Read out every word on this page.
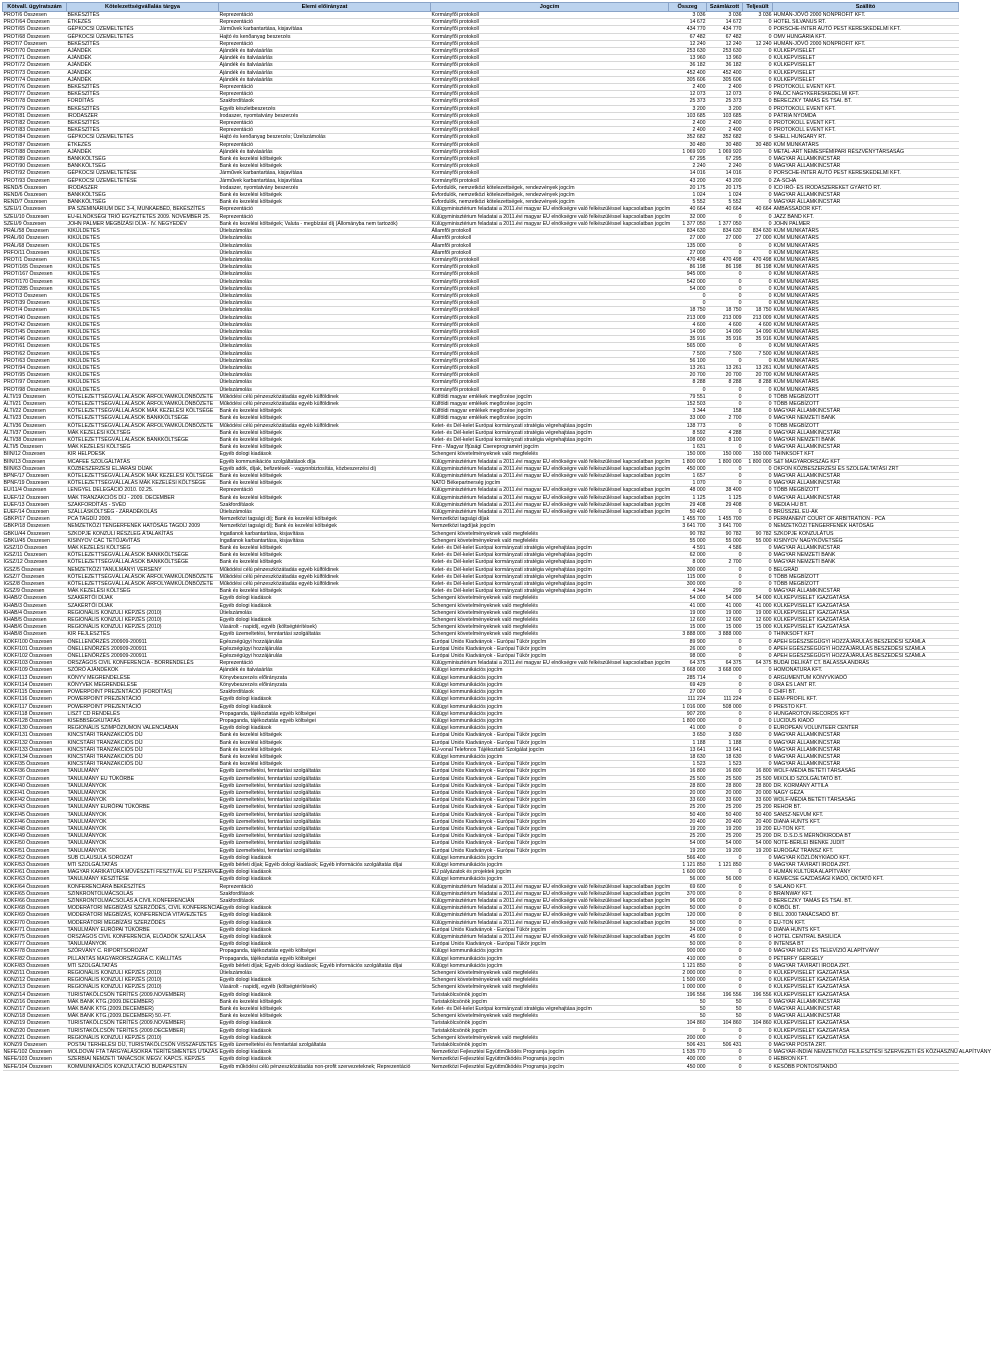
Kötvall. ügyiratszám	Kötelezettségvállalás tárgya	Elemi előirányzat	Jogcím	Összeg	Számlázott	Teljesült	Szállító
PROT/6 Összesen	BEKÉSZÍTÉS	Reprezentáció	Kormányfői protokoll	3 036	3 036	3 036	HUMÁN-JÖVŐ 2000 NONPROFIT KFT.
PROT/64 Összesen	ÉTKEZÉS	Reprezentáció	Kormányfői protokoll	14 672	14 672	0	HOTEL SILVANUS RT.
PROT/65 Összesen	GÉPKOCSI ÜZEMELTETÉS	Járművek karbantartása, kisjavítása	Kormányfői protokoll	434 770	434 770	0	PORSCHE-INTER AUTÓ PEST KERESKEDELMI KFT.
PROT/68 Összesen	GÉPKOCSI ÜZEMELTETÉS	Hajtó és kenőanyag beszerzés	Kormányfői protokoll	67 482	67 482	0	OMV HUNGÁRIA KFT.
PROT/7 Összesen	BEKÉSZÍTÉS	Reprezentáció	Kormányfői protokoll	12 240	12 240	12 240	HUMÁN-JÖVŐ 2000 NONPROFIT KFT.
PROT/70 Összesen	AJÁNDÉK	Ajándék és italvásárlás	Kormányfői protokoll	253 630	253 630	0	KÜLKÉPVISELET
PROT/71 Összesen	AJÁNDÉK	Ajándék és italvásárlás	Kormányfői protokoll	13 960	13 960	0	KÜLKÉPVISELET
PROT/72 Összesen	AJÁNDÉK	Ajándék és italvásárlás	Kormányfői protokoll	36 182	36 182	0	KÜLKÉPVISELET
PROT/73 Összesen	AJÁNDÉK	Ajándék és italvásárlás	Kormányfői protokoll	452 400	452 400	0	KÜLKÉPVISELET
PROT/74 Összesen	AJÁNDÉK	Ajándék és italvásárlás	Kormányfői protokoll	305 606	305 606	0	KÜLKÉPVISELET
PROT/76 Összesen	BEKÉSZÍTÉS	Reprezentáció	Kormányfői protokoll	2 400	2 400	0	PROTOKOLL EVENT KFT.
PROT/77 Összesen	BEKÉSZÍTÉS	Reprezentáció	Kormányfői protokoll	12 073	12 073	0	PALÓC NAGYKERESKEDELMI KFT.
PROT/78 Összesen	FORDÍTÁS	Szakfordítások	Kormányfői protokoll	25 373	25 373	0	BERECZKY TAMÁS ÉS TSAI. BT.
PROT/79 Összesen	BEKÉSZÍTÉS	Egyéb készletbeszerzés	Kormányfői protokoll	3 200	3 200	0	PROTOKOLL EVENT KFT.
PROT/81 Összesen	IRODASZER	Irodaszer, nyomtatvány beszerzés	Kormányfői protokoll	103 685	103 685	0	PÁTRIA NYOMDA
PROT/82 Összesen	BEKÉSZÍTÉS	Reprezentáció	Kormányfői protokoll	2 400	2 400	0	PROTOKOLL EVENT KFT.
PROT/83 Összesen	BEKÉSZÍTÉS	Reprezentáció	Kormányfői protokoll	2 400	2 400	0	PROTOKOLL EVENT KFT.
PROT/84 Összesen	GÉPKOCSI ÜZEMELTETÉS	Hajtó és kenőanyag beszerzés; Üzelszámolás	Kormányfői protokoll	352 682	352 682	0	SHELL HUNGARY RT.
PROT/87 Összesen	ÉTKEZÉS	Reprezentáció	Kormányfői protokoll	30 480	30 480	30 480	KÜM MUNKATÁRS
PROT/88 Összesen	AJÁNDÉK	Ajándék és italvásárlás	Kormányfői protokoll	1 069 920	1 069 920	0	METAL-ART NEMESFÉMIPARI RÉSZVÉNYTÁRSASÁG
PROT/89 Összesen	BANKKÖLTSÉG	Bank és kezelési költségek	Kormányfői protokoll	67 295	67 295	0	MAGYAR ÁLLAMKINCSTÁR
PROT/90 Összesen	BANKKÖLTSÉG	Bank és kezelési költségek	Kormányfői protokoll	2 240	2 240	0	MAGYAR ÁLLAMKINCSTÁR
PROT/92 Összesen	GÉPKOCSI ÜZEMELTETÉSE	Járművek karbantartása, kisjavítása	Kormányfői protokoll	14 016	14 016	0	PORSCHE-INTER AUTÓ PEST KERESKEDELMI KFT.
PROT/93 Összesen	GÉPKOCSI ÜZEMELTETÉSE	Járművek karbantartása, kisjavítása	Kormányfői protokoll	43 200	43 200	0	ZA-SCHA
REND/5 Összesen	IRODASZER	Irodaszer, nyomtatvány beszerzés	Évfordulók, nemzetközi kötelezettségek, rendezvények jogcím	20 175	20 175	0	ICO IRÓ- ÉS IRODASZEREKET GYÁRTÓ RT.
REND/6 Összesen	BANKKÖLTSÉG	Bank és kezelési költségek	Évfordulók, nemzetközi kötelezettségek, rendezvények jogcím	1 024	1 024	0	MAGYAR ÁLLAMKINCSTÁR
REND/7 Összesen	BANKKÖLTSÉG	Bank és kezelési költségek	Évfordulók, nemzetközi kötelezettségek, rendezvények jogcím	5 552	5 552	0	MAGYAR ÁLLAMKINCSTÁR
SZEU/1 Összesen	IPA SZEMINÁRIUM DEC 3-4, MUNKAEBÉD, BEKÉSZÍTÉS	Reprezentáció	Külügyminisztérium feladatai a 2011.évi magyar EU elnökségre való felkészüléssel kapcsolatban jogcím	40 664	40 664	40 664	AMBASSADOR KFT.
SZEU/10 Összesen	EU-ELNÖKSÉGI TRIÓ EGYEZTETÉS 2009. NOVEMBER 25.	Reprezentáció	Külügyminisztérium feladatai a 2011.évi magyar EU elnökségre való felkészüléssel kapcsolatban jogcím	32 000	0	0	JAZZ BAND KFT.
SZEU/9 Összesen	JOHN PALMER MEGBÍZÁSI DÍJA - IV. NEGYEDÉV	Bank és kezelési költségek; Valuta - megbízási díj (Állományba nem tartozók)	Külügyminisztérium feladatai a 2011.évi magyar EU elnökségre való felkészüléssel kapcsolatban jogcím	1 377 050	1 377 050	0	JOHN PALMER
PRÁL/58 Összesen	KIKÜLDETÉS	Útielszámolás	Államfői protokoll	834 630	834 630	834 630	KÜM MUNKATÁRS
PRÁL/60 Összesen	KIKÜLDETÉS	Útielszámolás	Államfői protokoll	27 000	27 000	27 000	KÜM MUNKATÁRS
PRÁL/68 Összesen	KIKÜLDETÉS	Útielszámolás	Államfői protokoll	135 000	0	0	KÜM MUNKATÁRS
PRFO/11 Összesen	KIKÜLDETÉS	Útielszámolás	Államfői protokoll	27 000	0	0	KÜM MUNKATÁRS
PROT/1 Összesen	KIKÜLDETÉS	Útielszámolás	Kormányfői protokoll	470 498	470 498	470 498	KÜM MUNKATÁRS
PROT/165 Összesen	KIKÜLDETÉS	Útielszámolás	Kormányfői protokoll	86 198	86 198	86 198	KÜM MUNKATÁRS
PROT/167 Összesen	KIKÜLDETÉS	Útielszámolás	Kormányfői protokoll	945 000	0	0	KÜM MUNKATÁRS
PROT/170 Összesen	KIKÜLDETÉS	Útielszámolás	Kormányfői protokoll	542 000	0	0	KÜM MUNKATÁRS
PROT/285 Összesen	KIKÜLDETÉS	Útielszámolás	Kormányfői protokoll	54 000	0	0	KÜM MUNKATÁRS
PROT/3 Összesen	KIKÜLDETÉS	Útielszámolás	Kormányfői protokoll	0	0	0	KÜM MUNKATÁRS
PROT/39 Összesen	KIKÜLDETÉS	Útielszámolás	Kormányfői protokoll	0	0	0	KÜM MUNKATÁRS
PROT/4 Összesen	KIKÜLDETÉS	Útielszámolás	Kormányfői protokoll	18 750	18 750	18 750	KÜM MUNKATÁRS
PROT/40 Összesen	KIKÜLDETÉS	Útielszámolás	Kormányfői protokoll	213 009	213 009	213 009	KÜM MUNKATÁRS
PROT/42 Összesen	KIKÜLDETÉS	Útielszámolás	Kormányfői protokoll	4 600	4 600	4 600	KÜM MUNKATÁRS
PROT/45 Összesen	KIKÜLDETÉS	Útielszámolás	Kormányfői protokoll	14 090	14 090	14 090	KÜM MUNKATÁRS
PROT/46 Összesen	KIKÜLDETÉS	Útielszámolás	Kormányfői protokoll	35 916	35 916	35 916	KÜM MUNKATÁRS
PROT/61 Összesen	KIKÜLDETÉS	Útielszámolás	Kormányfői protokoll	565 000	0	0	KÜM MUNKATÁRS
PROT/62 Összesen	KIKÜLDETÉS	Útielszámolás	Kormányfői protokoll	7 500	7 500	7 500	KÜM MUNKATÁRS
PROT/63 Összesen	KIKÜLDETÉS	Útielszámolás	Kormányfői protokoll	56 100	0	0	KÜM MUNKATÁRS
PROT/94 Összesen	KIKÜLDETÉS	Útielszámolás	Kormányfői protokoll	13 261	13 261	13 261	KÜM MUNKATÁRS
PROT/95 Összesen	KIKÜLDETÉS	Útielszámolás	Kormányfői protokoll	20 700	20 700	20 700	KÜM MUNKATÁRS
PROT/97 Összesen	KIKÜLDETÉS	Útielszámolás	Kormányfői protokoll	8 288	8 288	8 288	KÜM MUNKATÁRS
PROT/98 Összesen	KIKÜLDETÉS	Útielszámolás	Kormányfői protokoll	0	0	0	KÜM MUNKATÁRS
ÁLTI/19 Összesen	KÖTELEZETTSÉGVÁLLALÁSOK ÁRFOLYAMKÜLÖNBÖZETE	Működési célú pénzeszközátadás egyéb külföldinek	Külföldi magyar emlékek megőrzése jogcím	79 551	0	0	TÖBB MEGBÍZOTT
ÁLTI/21 Összesen	KÖTELEZETTSÉGVÁLLALÁSOK ÁRFOLYAMKÜLÖNBÖZETE	Működési célú pénzeszközátadás egyéb külföldinek	Külföldi magyar emlékek megőrzése jogcím	152 503	0	0	TÖBB MEGBÍZOTT
ÁLTI/22 Összesen	KÖTELEZETTSÉGVÁLLALÁSOK MÁK KEZELÉSI KÖLTSÉGE	Bank és kezelési költségek	Külföldi magyar emlékek megőrzése jogcím	3 344	158	0	MAGYAR ÁLLAMKINCSTÁR
ÁLTI/23 Összesen	KÖTELEZETTSÉGVÁLLALÁSOK BANKKÖLTSÉGE	Bank és kezelési költségek	Külföldi magyar emlékek megőrzése jogcím	33 000	2 700	0	MAGYAR NEMZETI BANK
ÁLTI/36 Összesen	KÖTELEZETTSÉGVÁLLALÁSOK ÁRFOLYAMKÜLÖNBÖZETE	Működési célú pénzeszközátadás egyéb külföldinek	Kelet- és Dél-kelet Európai kormányzati stratégia végrehajtása jogcím	138 773	0	0	TÖBB MEGBÍZOTT
ÁLTI/37 Összesen	MÁK KEZELÉSI KÖLTSÉG	Bank és kezelési költségek	Kelet- és Dél-kelet Európai kormányzati stratégia végrehajtása jogcím	8 592	4 288	0	MAGYAR ÁLLAMKINCSTÁR
ÁLTI/38 Összesen	KÖTELEZETTSÉGVÁLLALÁSOK BANKKÖLTSÉGE	Bank és kezelési költségek	Kelet- és Dél-kelet Európai kormányzati stratégia végrehajtása jogcím	108 000	8 100	0	MAGYAR NEMZETI BANK
ÁLTI/5 Összesen	MÁK KEZELÉSI KÖLTSÉG	Bank és kezelési költségek	Finn - Magyar Ifjúsági Csereprogramért jogcím	1 631	0	0	MAGYAR ÁLLAMKINCSTÁR
BIIN/12 Összesen	KIR HELPDESK	Egyéb dologi kiadások	Schengeni követelményeknek való megfelelés	150 000	150 000	150 000	THINKSOFT KFT
BIIN/13 Összesen	MCAFEE SZOLGÁLTATÁS	Egyéb kommunikációs szolgáltatások díja	Külügyminisztérium feladatai a 2011.évi magyar EU elnökségre való felkészüléssel kapcsolatban jogcím	1 800 000	1 800 000	1 800 000	S&T MAGYARORSZÁG KFT
BIIN/63 Összesen	KÖZBESZERZÉSI ELJÁRÁSI DÍJAK	Egyéb adók, díjak, befizetések - vagyonbiztosítás, közbeszerzési díj	Külügyminisztérium feladatai a 2011.évi magyar EU elnökségre való felkészüléssel kapcsolatban jogcím	450 000	0	0	OKFON KÖZBESZERZÉSI ÉS SZOLGÁLTATÁSI ZRT
BPNF/17 Összesen	KÖTELEZETTSÉGVÁLLALÁSOK MÁK KEZELÉSI KÖLTSÉGE	Bank és kezelési költségek	Külügyminisztérium feladatai a 2011.évi magyar EU elnökségre való felkészüléssel kapcsolatban jogcím	1 657	0	0	MAGYAR ÁLLAMKINCSTÁR
BPNF/19 Összesen	KÖTELEZETTSÉGVÁLLALÁS MÁK KEZELÉSI KÖLTSÉGE	Bank és kezelési költségek	NATO Békepartnerség jogcím	1 070	0	0	MAGYAR ÁLLAMKINCSTÁR
EU/11/4 Összesen	LENGYEL DELEGÁCIÓ 2010. 02.25.	Reprezentáció	Külügyminisztérium feladatai a 2011.évi magyar EU elnökségre való felkészüléssel kapcsolatban jogcím	48 000	38 400	0	TÖBB MEGBÍZOTT
EUEF/12 Összesen	MÁK TRANZAKCIÓS DÍJ - 2009. DECEMBER	Bank és kezelési költségek	Külügyminisztérium feladatai a 2011.évi magyar EU elnökségre való felkészüléssel kapcsolatban jogcím	1 125	1 125	0	MAGYAR ÁLLAMKINCSTÁR
EUEF/13 Összesen	SZAKFORDÍTÁS - SVÉD	Szakfordítások	Külügyminisztérium feladatai a 2011.évi magyar EU elnökségre való felkészüléssel kapcsolatban jogcím	29 408	29 408	0	MEDIA HU BT.
EUEF/14 Összesen	SZÁLLÁSKÖLTSÉG - ZÁRADÉKOLÁS	Útielszámolás	Külügyminisztérium feladatai a 2011.évi magyar EU elnökségre való felkészüléssel kapcsolatban jogcím	50 400	0	0	BRÜSSZEL EU-ÁK
GBKP/17 Összesen	PCA TAGDÍJ 2009.	Nemzetközi tagsági díj; Bank és kezelési költségek	Nemzetközi tagsági díjak	1 455 700	1 455 700	0	PERMANENT COURT OF ARBITRATION - PCA
GBKP/18 Összesen	NEMZETKÖZI TENGERFENÉK HATÓSÁG TAGDÍJ 2009	Nemzetközi tagsági díj; Bank és kezelési költségek	Nemzetközi tagdíjak jogcím	3 641 700	3 641 700	0	NEMZETKÖZI TENGERFENÉK HATÓSÁG
GBKU/44 Összesen	SZKOPJE KONZULI RÉSZLEG ÁTALAKÍTÁS	Ingatlanok karbantartása, kisjavítása	Schengeni követelményeknek való megfelelés	90 782	90 782	90 782	SZKOPJE KONZULÁTUS
GBKU/45 Összesen	KISINYOV CAC TETŐJAVÍTÁS	Ingatlanok karbantartása, kisjavítása	Schengeni követelményeknek való megfelelés	55 000	55 000	55 000	KISINYOV NAGYKÖVETSÉG
IGSZ/10 Összesen	MÁK KEZELÉSI KÖLTSÉG	Bank és kezelési költségek	Kelet- és Dél-kelet Európai kormányzati stratégia végrehajtása jogcím	4 591	4 586	0	MAGYAR ÁLLAMKINCSTÁR
IGSZ/11 Összesen	KÖTELEZETTSÉGVÁLLALÁSOK BANKKÖLTSÉGE	Bank és kezelési költségek	Kelet- és Dél-kelet Európai kormányzati stratégia végrehajtása jogcím	62 000	0	0	MAGYAR NEMZETI BANK
IGSZ/12 Összesen	KÖTELEZETTSÉGVÁLLALÁSOK BANKKÖLTSÉGE	Bank és kezelési költségek	Kelet- és Dél-kelet Európai kormányzati stratégia végrehajtása jogcím	8 000	2 700	0	MAGYAR NEMZETI BANK
IGSZ/5 Összesen	NEMZETKÖZI TANULMÁNYI VERSENY	Működési célú pénzeszközátadás egyéb külföldinek	Kelet- és Dél-kelet Európai kormányzati stratégia végrehajtása jogcím	300 000	0	0	BELGRÁD
IGSZ/7 Összesen	KÖTELEZETTSÉGVÁLLALÁSOK ÁRFOLYAMKÜLÖNBÖZETE	Működési célú pénzeszközátadás egyéb külföldinek	Kelet- és Dél-kelet Európai kormányzati stratégia végrehajtása jogcím	115 000	0	0	TÖBB MEGBÍZOTT
IGSZ/8 Összesen	KÖTELEZETTSÉGVÁLLALÁSOK ÁRFOLYAMKÜLÖNBÖZETE	Működési célú pénzeszközátadás egyéb külföldinek	Kelet- és Dél-kelet Európai kormányzati stratégia végrehajtása jogcím	300 000	0	0	TÖBB MEGBÍZOTT
IGSZ/9 Összesen	MÁK KEZELÉSI KÖLTSÉG	Bank és kezelési költségek	Kelet- és Dél-kelet Európai kormányzati stratégia végrehajtása jogcím	4 344	299	0	MAGYAR ÁLLAMKINCSTÁR
KHAB/2 Összesen	SZAKÉRTŐI DÍJAK	Egyéb dologi kiadások	Schengeni követelményeknek való megfelelés	54 000	54 000	54 000	KÜLKÉPVISELET IGAZGATÁSA
KHAB/3 Összesen	SZAKÉRTŐI DÍJAK	Egyéb dologi kiadások	Schengeni követelményeknek való megfelelés	41 000	41 000	41 000	KÜLKÉPVISELET IGAZGATÁSA
KHAB/4 Összesen	REGIONÁLIS KONZULI KÉPZÉS (2010)	Útielszámolás	Schengeni követelményeknek való megfelelés	19 000	19 000	19 000	KÜLKÉPVISELET IGAZGATÁSA
KHAB/5 Összesen	REGIONÁLIS KONZULI KÉPZÉS (2010)	Egyéb dologi kiadások	Schengeni követelményeknek való megfelelés	12 600	12 600	12 600	KÜLKÉPVISELET IGAZGATÁSA
KHAB/6 Összesen	REGIONÁLIS KONZULI KÉPZÉS (2010)	Vásárolt - napidíj, egyéb (költségtérítések)	Schengeni követelményeknek való megfelelés	15 000	15 000	15 000	KÜLKÉPVISELET IGAZGATÁSA
KHAB/8 Összesen	KIR FEJLESZTÉS	Egyéb üzemeltetési, fenntartási szolgáltatás	Schengeni követelményeknek való megfelelés	3 888 000	3 888 000	0	THINKSOFT KFT
KOKF/100 Összesen	ÖNELLENŐRZÉS 200909-200911	Egészségügyi hozzájárulás	Európai Uniós Kiadványok - Európai Tükör jogcím	89 900	0	0	APEH EGÉSZSÉGÜGYI HOZZÁJÁRULÁS BESZEDÉSI SZÁMLA
KOKF/101 Összesen	ÖNELLENŐRZÉS 200909-200911	Egészségügyi hozzájárulás	Európai Uniós Kiadványok - Európai Tükör jogcím	26 000	0	0	APEH EGÉSZSÉGÜGYI HOZZÁJÁRULÁS BESZEDÉSI SZÁMLA
KOKF/102 Összesen	ÖNELLENŐRZÉS 200909-200911	Egészségügyi hozzájárulás	Európai Uniós Kiadványok - Európai Tükör jogcím	98 000	0	0	APEH EGÉSZSÉGÜGYI HOZZÁJÁRULÁS BESZEDÉSI SZÁMLA
KOKF/103 Összesen	ORSZÁGOS CIVIL KONFERENCIA - BORRENDELÉS	Reprezentáció	Külügyminisztérium feladatai a 2011.évi magyar EU elnökségre való felkészüléssel kapcsolatban jogcím	64 375	64 375	64 375	BUDAI DELIKÁT CT. BALASSA ANDRÁS
KOKF/109 Összesen	SZÓRÓ AJÁNDÉKOK	Ajándék és italvásárlás	Külügyi kommunikációs jogcím	3 668 000	3 668 000	0	HOMONATURA KFT.
KOKF/113 Összesen	KÖNYV MEGRENDELÉSE	Könyvbeszerzés előirányzata	Külügyi kommunikációs jogcím	285 714	0	0	ARGUMENTUM KÖNYVKIADÓ
KOKF/114 Összesen	KÖNYVEK MEGRENDELÉSE	Könyvbeszerzés előirányzata	Külügyi kommunikációs jogcím	69 429	0	0	ÚRA ÉS LANT RT.
KOKF/115 Összesen	POWERPOINT PREZENTÁCIÓ (FORDÍTÁS)	Szakfordítások	Külügyi kommunikációs jogcím	27 000	0	0	CHIFI BT.
KOKF/116 Összesen	POWERPOINT PREZENTÁCIÓ	Egyéb dologi kiadások	Külügyi kommunikációs jogcím	111 224	111 224	0	EEM-PROFIL KFT.
KOKF/117 Összesen	POWERPOINT PREZENTÁCIÓ	Egyéb dologi kiadások	Külügyi kommunikációs jogcím	1 016 000	508 000	0	PRESTO KFT.
KOKF/118 Összesen	LISZT CD RENDELÉS	Propaganda, tájékoztatás egyéb költségei	Külügyi kommunikációs jogcím	907 200	0	0	HUNGAROTON RECORDS KFT
KOKF/128 Összesen	KISEBBSÉGKUTATÁS	Propaganda, tájékoztatás egyéb költségei	Külügyi kommunikációs jogcím	1 800 000	0	0	LUCIDUS KIADÓ
KOKF/130 Összesen	REGIONÁLIS SZIMPÓZIUMON VALENCIÁBAN	Egyéb dologi kiadások	Külügyi kommunikációs jogcím	41 000	0	0	EUROPEAN VOLUNTEER CENTER
KOKF/131 Összesen	KINCSTÁRI TRANZAKCIÓS DÍJ	Bank és kezelési költségek	Európai Uniós Kiadványok - Európai Tükör jogcím	3 650	3 650	0	MAGYAR ÁLLAMKINCSTÁR
KOKF/132 Összesen	KINCSTÁRI TRANZAKCIÓS DÍJ	Bank és kezelési költségek	Európai Uniós Kiadványok - Európai Tükör jogcím	1 188	1 188	0	MAGYAR ÁLLAMKINCSTÁR
KOKF/133 Összesen	KINCSTÁRI TRANZAKCIÓS DÍJ	Bank és kezelési költségek	EU-vonal Telefonos Tájékoztató Szolgálat jogcím	13 641	13 641	0	MAGYAR ÁLLAMKINCSTÁR
KOKF/134 Összesen	KINCSTÁRI TRANZAKCIÓS DÍJ	Bank és kezelési költségek	Külügyi kommunikációs jogcím	18 630	18 630	0	MAGYAR ÁLLAMKINCSTÁR
KOKF/35 Összesen	KINCSTÁRI TRANZAKCIÓS DÍJ	Bank és kezelési költségek	Európai Uniós Kiadványok - Európai Tükör jogcím	1 523	1 523	0	MAGYAR ÁLLAMKINCSTÁR
KOKF/36 Összesen	TANULMÁNY	Egyéb üzemeltetési, fenntartási szolgáltatás	Európai Uniós Kiadványok - Európai Tükör jogcím	16 800	16 800	16 800	WOLF-MÉDIA BETÉTI TÁRSASÁG
KOKF/37 Összesen	TANULMÁNY EU TÜKÖRBE	Egyéb üzemeltetési, fenntartási szolgáltatás	Európai Uniós Kiadványok - Európai Tükör jogcím	25 500	25 500	25 500	MIXOLID SZOLGÁLTATÓ BT.
KOKF/40 Összesen	TANULMÁNYOK	Egyéb üzemeltetési, fenntartási szolgáltatás	Európai Uniós Kiadványok - Európai Tükör jogcím	28 800	28 800	28 800	DR. KORMÁNY ATTILA
KOKF/41 Összesen	TANULMÁNYOK	Egyéb üzemeltetési, fenntartási szolgáltatás	Európai Uniós Kiadványok - Európai Tükör jogcím	20 000	20 000	20 000	NAGY GÉZA
KOKF/42 Összesen	TANULMÁNYOK	Egyéb üzemeltetési, fenntartási szolgáltatás	Európai Uniós Kiadványok - Európai Tükör jogcím	33 600	33 600	33 600	WOLF-MÉDIA BETÉTI TÁRSASÁG
KOKF/43 Összesen	TANULMÁNY EURÓPAI TÜKÖRBE	Egyéb üzemeltetési, fenntartási szolgáltatás	Európai Uniós Kiadványok - Európai Tükör jogcím	25 200	25 200	25 200	REHOR BT.
KOKF/45 Összesen	TANULMÁNYOK	Egyéb üzemeltetési, fenntartási szolgáltatás	Európai Uniós Kiadványok - Európai Tükör jogcím	50 400	50 400	50 400	SANSZ-NEVUM KFT.
KOKF/46 Összesen	TANULMÁNYOK	Egyéb üzemeltetési, fenntartási szolgáltatás	Európai Uniós Kiadványok - Európai Tükör jogcím	20 400	20 400	20 400	DIANA HUNTS KFT.
KOKF/48 Összesen	TANULMÁNYOK	Egyéb üzemeltetési, fenntartási szolgáltatás	Európai Uniós Kiadványok - Európai Tükör jogcím	19 200	19 200	19 200	EU-TON KFT.
KOKF/49 Összesen	TANULMÁNYOK	Egyéb üzemeltetési, fenntartási szolgáltatás	Európai Uniós Kiadványok - Európai Tükör jogcím	25 200	25 200	25 200	DR. D.S.D.S MÉRNÖKIRODA BT
KOKF/50 Összesen	TANULMÁNYOK	Egyéb üzemeltetési, fenntartási szolgáltatás	Európai Uniós Kiadványok - Európai Tükör jogcím	54 000	54 000	54 000	NOTE-BÉRLEI BIENKE JUDIT
KOKF/51 Összesen	TANULMÁNYOK	Egyéb üzemeltetési, fenntartási szolgáltatás	Európai Uniós Kiadványok - Európai Tükör jogcím	19 200	19 200	19 200	EUROGÁZ TRANSZ KFT.
KOKF/52 Összesen	SUB CLAUSULA SOROZAT	Egyéb dologi kiadások	Külügyi kommunikációs jogcím	566 400	0	0	MAGYAR KÖZLÖNYKIADÓ KFT.
KOKF/53 Összesen	MTI SZOLGÁLTATÁS	Egyéb bérleti díjak; Egyéb dologi kiadások; Egyéb információs szolgáltatás díjai	Külügyi kommunikációs jogcím	1 121 850	1 121 850	0	MAGYAR TÁVIRATI IRODA ZRT.
KOKF/61 Összesen	MAGYAR KARIKATÚRA MŰVÉSZETI FESZTIVÁL EU P.SZERVEZ	Egyéb dologi kiadások	EU pályázatok és projektek jogcím	1 600 000	0	0	HUMÁN KULTÚRA ALAPÍTVÁNY
KOKF/63 Összesen	TANULMÁNY KÉSZÍTÉSE	Egyéb dologi kiadások	Külügyi kommunikációs jogcím	56 000	56 000	0	KEMECSE GAZDASÁGI KIADÓ, OKTATÓ KFT.
KOKF/64 Összesen	KONFERENCIÁRA BEKÉSZÍTÉS	Reprezentáció	Külügyminisztérium feladatai a 2011.évi magyar EU elnökségre való felkészüléssel kapcsolatban jogcím	69 600	0	0	SALANO KFT.
KOKF/65 Összesen	SZINKRONTOLMÁCSOLÁS	Szakfordítások	Külügyminisztérium feladatai a 2011.évi magyar EU elnökségre való felkészüléssel kapcsolatban jogcím	370 000	0	0	BRAINWAY KFT.
KOKF/66 Összesen	SZINKRONTOLMÁCSOLÁS A CIVIL KONFERENCIÁN	Szakfordítások	Külügyminisztérium feladatai a 2011.évi magyar EU elnökségre való felkészüléssel kapcsolatban jogcím	96 000	0	0	BERECZKY TAMÁS ÉS TSAI. BT.
KOKF/68 Összesen	MODERÁTORI MEGBÍZÁSI SZERZŐDÉS, CIVIL KONFERENCIA	Egyéb dologi kiadások	Külügyminisztérium feladatai a 2011.évi magyar EU elnökségre való felkészüléssel kapcsolatban jogcím	50 000	0	0	KÖBÖL BT.
KOKF/69 Összesen	MODERÁTORI MEGBÍZÁS, KONFERENCIA VITAVEZETÉS	Egyéb dologi kiadások	Külügyminisztérium feladatai a 2011.évi magyar EU elnökségre való felkészüléssel kapcsolatban jogcím	120 000	0	0	BILL 2000 TANÁCSADÓ BT.
KOKF/70 Összesen	MODERÁTORI MEGBÍZÁSI SZERZŐDÉS	Egyéb dologi kiadások	Külügyminisztérium feladatai a 2011.évi magyar EU elnökségre való felkészüléssel kapcsolatban jogcím	50 000	0	0	EU-TON KFT.
KOKF/71 Összesen	TANULMÁNY EURÓPAI TÜKÖRBE	Egyéb dologi kiadások	Európai Uniós Kiadványok - Európai Tükör jogcím	24 000	0	0	DIANA HUNTS KFT.
KOKF/75 Összesen	ORSZÁGOS CIVIL KONFERENCIA, ELŐADÓK SZÁLLÁSA	Egyéb dologi kiadások	Külügyminisztérium feladatai a 2011.évi magyar EU elnökségre való felkészüléssel kapcsolatban jogcím	45 600	0	0	HOTEL CENTRAL BASILICA
KOKF/77 Összesen	TANULMÁNYOK	Egyéb dologi kiadások	Európai Uniós Kiadványok - Európai Tükör jogcím	50 000	0	0	INTENSA BT
KOKF/78 Összesen	SZÓRVÁNY C. RIPORTSOROZAT	Propaganda, tájékoztatás egyéb költségei	Külügyi kommunikációs jogcím	900 000	0	0	MAGYAR MOZI ÉS TELEVÍZIÓ ALAPÍTVÁNY
KOKF/82 Összesen	PILLANTÁS MAGYARORSZÁGRA C. KIÁLLÍTÁS	Propaganda, tájékoztatás egyéb költségei	Külügyi kommunikációs jogcím	410 000	0	0	PÉTERFY GERGELY
KOKF/83 Összesen	MTI SZOLGÁLTATÁS	Egyéb bérleti díjak; Egyéb dologi kiadások; Egyéb információs szolgáltatás díjai	Külügyi kommunikációs jogcím	1 121 850	0	0	MAGYAR TÁVIRATI IRODA ZRT.
KONZ/11 Összesen	REGIONÁLIS KONZULI KÉPZÉS (2010)	Útielszámolás	Schengeni követelményeknek való megfelelés	2 000 000	0	0	KÜLKÉPVISELET IGAZGATÁSA
KONZ/12 Összesen	REGIONÁLIS KONZULI KÉPZÉS (2010)	Egyéb dologi kiadások	Schengeni követelményeknek való megfelelés	1 500 000	0	0	KÜLKÉPVISELET IGAZGATÁSA
KONZ/13 Összesen	REGIONÁLIS KONZULI KÉPZÉS (2010)	Vásárolt - napidíj, egyéb (költségtérítések)	Schengeni követelményeknek való megfelelés	1 000 000	0	0	KÜLKÉPVISELET IGAZGATÁSA
KONZ/14 Összesen	TURISTAKÖLCSÖN TÉRÍTÉS (2009.NOVEMBER)	Egyéb dologi kiadások	Turistakölcsönök jogcím	196 556	196 556	196 556	KÜLKÉPVISELET IGAZGATÁSA
KONZ/16 Összesen	MÁK BANK KTG.(2009.DECEMBER)	Bank és kezelési költségek	Turistakölcsönök jogcím	50	50	0	MAGYAR ÁLLAMKINCSTÁR
KONZ/17 Összesen	MÁK BANK KTG.(2009.DECEMBER)	Bank és kezelési költségek	Kelet- és Dél-kelet Európai kormányzati stratégia végrehajtása jogcím	50	50	0	MAGYAR ÁLLAMKINCSTÁR
KONZ/18 Összesen	MÁK BANK KTG.(2009.DECEMBER) 50.-FT.	Bank és kezelési költségek	Schengeni követelményeknek való megfelelés	50	50	0	MAGYAR ÁLLAMKINCSTÁR
KONZ/19 Összesen	TURISTAKÖLCSÖN TÉRÍTÉS (2009.NOVEMBER)	Egyéb dologi kiadások	Turistakölcsönök jogcím	104 860	104 860	104 860	KÜLKÉPVISELET IGAZGATÁSA
KONZ/20 Összesen	TURISTAKÖLCSÖN TÉRÍTÉS (2009.DECEMBER)	Egyéb dologi kiadások	Turistakölcsönök jogcím	0	0	0	KÜLKÉPVISELET IGAZGATÁSA
KONZ/21 Összesen	REGIONÁLIS KONZULI KÉPZÉS (2010)	Egyéb dologi kiadások	Schengeni követelményeknek való megfelelés	200 000	0	0	KÜLKÉPVISELET IGAZGATÁSA
KONZ/9 Összesen	POSTAI TERHELÉSI DÍJ, TURISTAKÖLCSÖN VISSZAFIZETÉS	Egyéb üzemeltetési és fenntartási szolgáltatás	Turistakölcsönök jogcím	506 431	506 431	0	MAGYAR POSTA ZRT.
NEFE/102 Összesen	MOLDOVAI FTA TÁRGYALÁSOKRA TÉRÍTÉSMENTES UTAZÁS	Egyéb dologi kiadások	Nemzetközi Fejlesztési Együttműködés Programja jogcím	1 535 770	0	0	MAGYAR-INDIAI NEMZETKÖZI FEJLESZTÉSI SZERVEZETI ÉS KÖZHASZNÚ ALAPÍTVÁNY
NEFE/103 Összesen	SZERBIAI NEMZETI TANÁCSOK MEGV. KAPCS. KÉPZÉS	Egyéb dologi kiadások	Nemzetközi Fejlesztési Együttműködés Programja jogcím	400 000	0	0	HEBRON KFT.
NEFE/104 Összesen	KOMMUNIKÁCIÓS KONZULTÁCIÓ BUDAPESTEN	Egyéb működési célú pénzeszközátadás non-profit szervezeteknek; Reprezentáció	Nemzetközi Fejlesztési Együttműködés Programja jogcím	450 000	0	0	KÉSŐBB PONTOSÍTANDÓ
